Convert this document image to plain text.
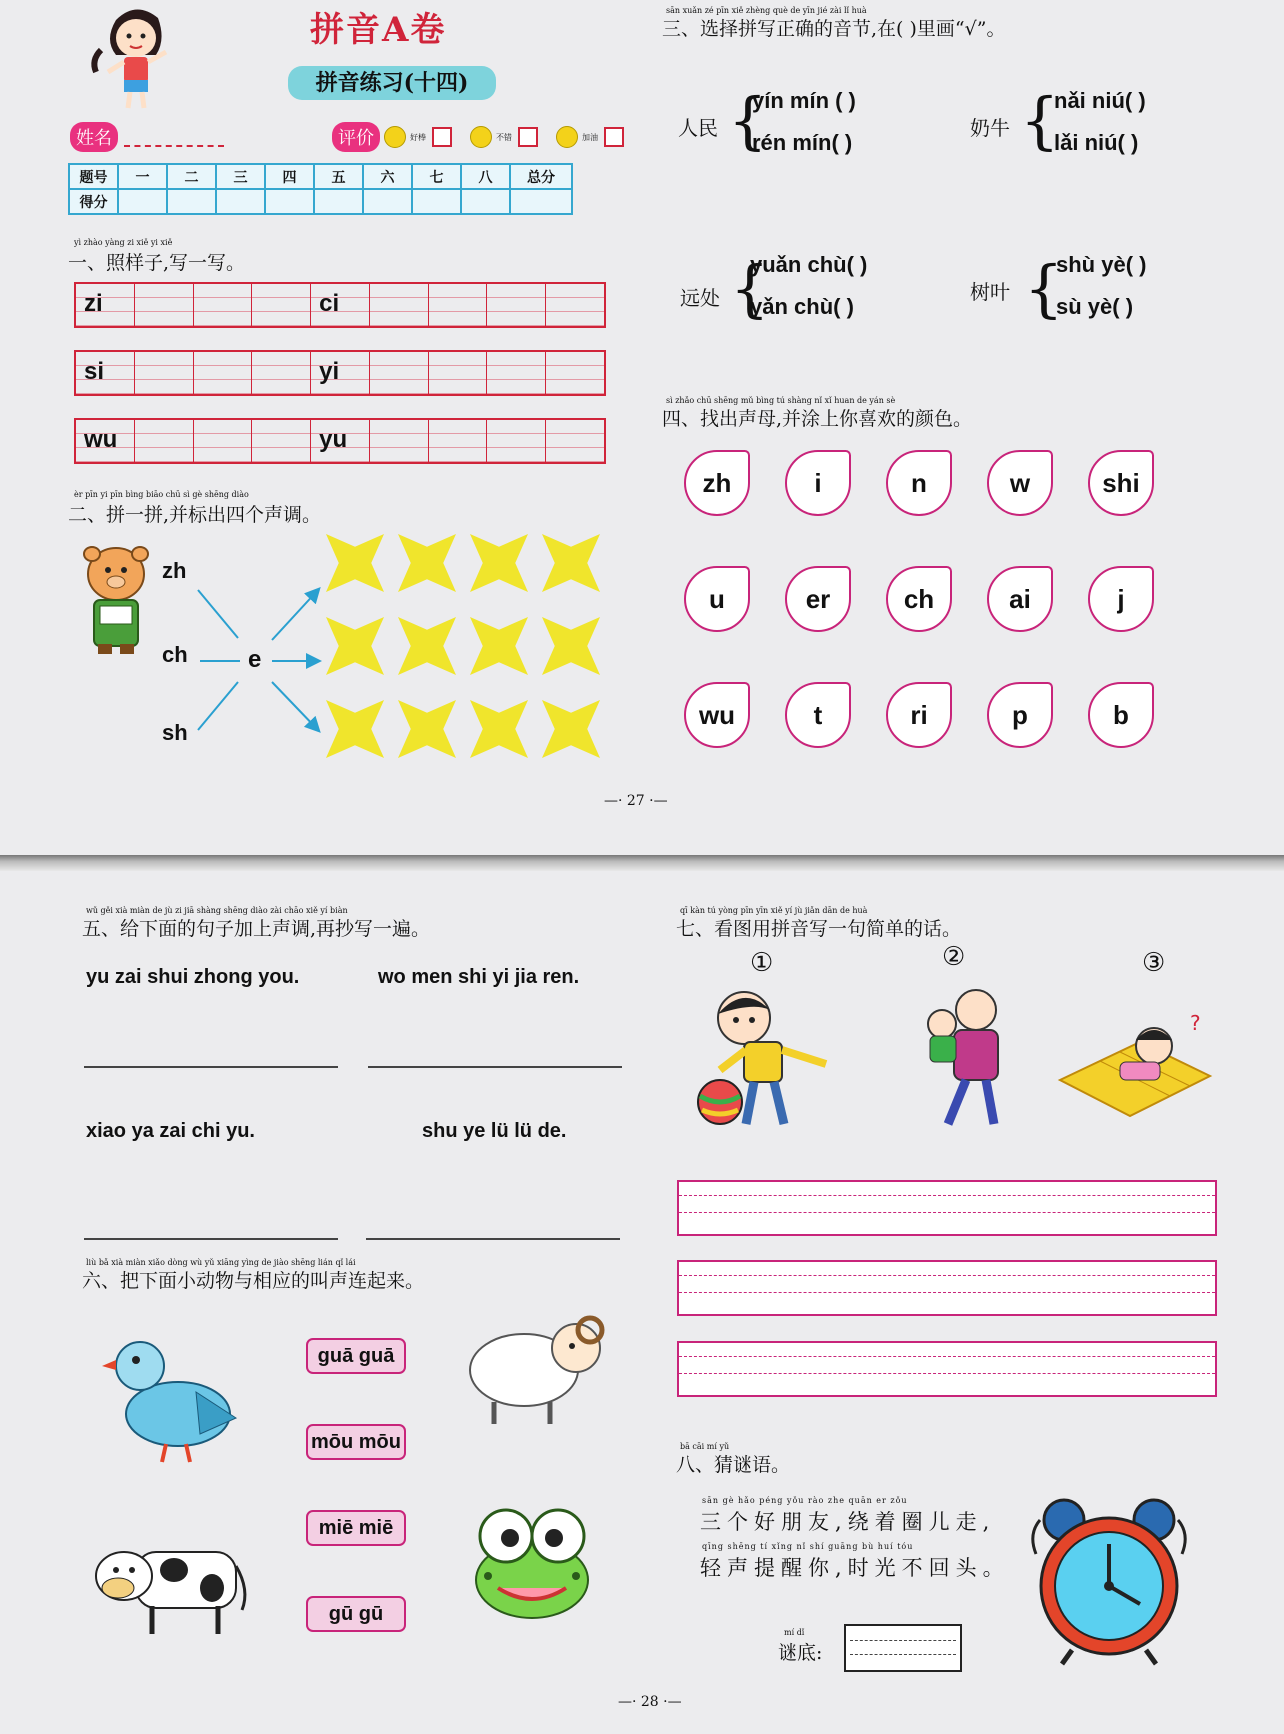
拼音A卷
拼音练习(十四)
姓名	评价	好棒	不错	加油
题号	一	二	三	四	五	六	七	八	总分
得分									
yì zhào yàng zi xiě yi xiě
一、照样子,写一写。
zi	ci
si	yi
wu	yu
èr pīn yi pīn bìng biāo chū sì gè shēng diào
二、拼一拼,并标出四个声调。
zh
ch
sh
e
sān xuǎn zé pīn xiě zhèng què de yīn jié zài lǐ huà
三、选择拼写正确的音节,在( )里画“√”。
人民 {
yín mín ( )
rén mín( )
奶牛 {
nǎi niú( )
lǎi niú( )
远处 {
yuǎn chù( )
yǎn chù( )
树叶 {
shù yè( )
sù yè( )
sì zhǎo chū shēng mǔ bìng tú shàng nǐ xǐ huan de yán sè
四、找出声母,并涂上你喜欢的颜色。
zh	i	n	w	shi
u	er	ch	ai	j
wu	t	ri	p	b
—· 27 ·—
wǔ gěi xià miàn de jù zi jiā shàng shēng diào zài chāo xiě yí biàn
五、给下面的句子加上声调,再抄写一遍。
yu zai shui zhong you.	wo men shi yi jia ren.
xiao ya zai chi yu.	shu ye lü lü de.
liù bǎ xià miàn xiǎo dòng wù yǔ xiāng yìng de jiào shēng lián qǐ lái
六、把下面小动物与相应的叫声连起来。
guā guā
mōu mōu
miē miē
gū gū
qī kàn tú yòng pīn yīn xiě yí jù jiǎn dān de huà
七、看图用拼音写一句简单的话。
①	②	③
?
bā cāi mí yǔ
八、猜谜语。
sān gè hǎo péng yǒu rào zhe quān er zǒu
三个好朋友,绕着圈儿走,
qīng shēng tí xǐng nǐ shí guāng bù huí tóu
轻声提醒你,时光不回头。
mí dǐ
谜底:
—· 28 ·—
